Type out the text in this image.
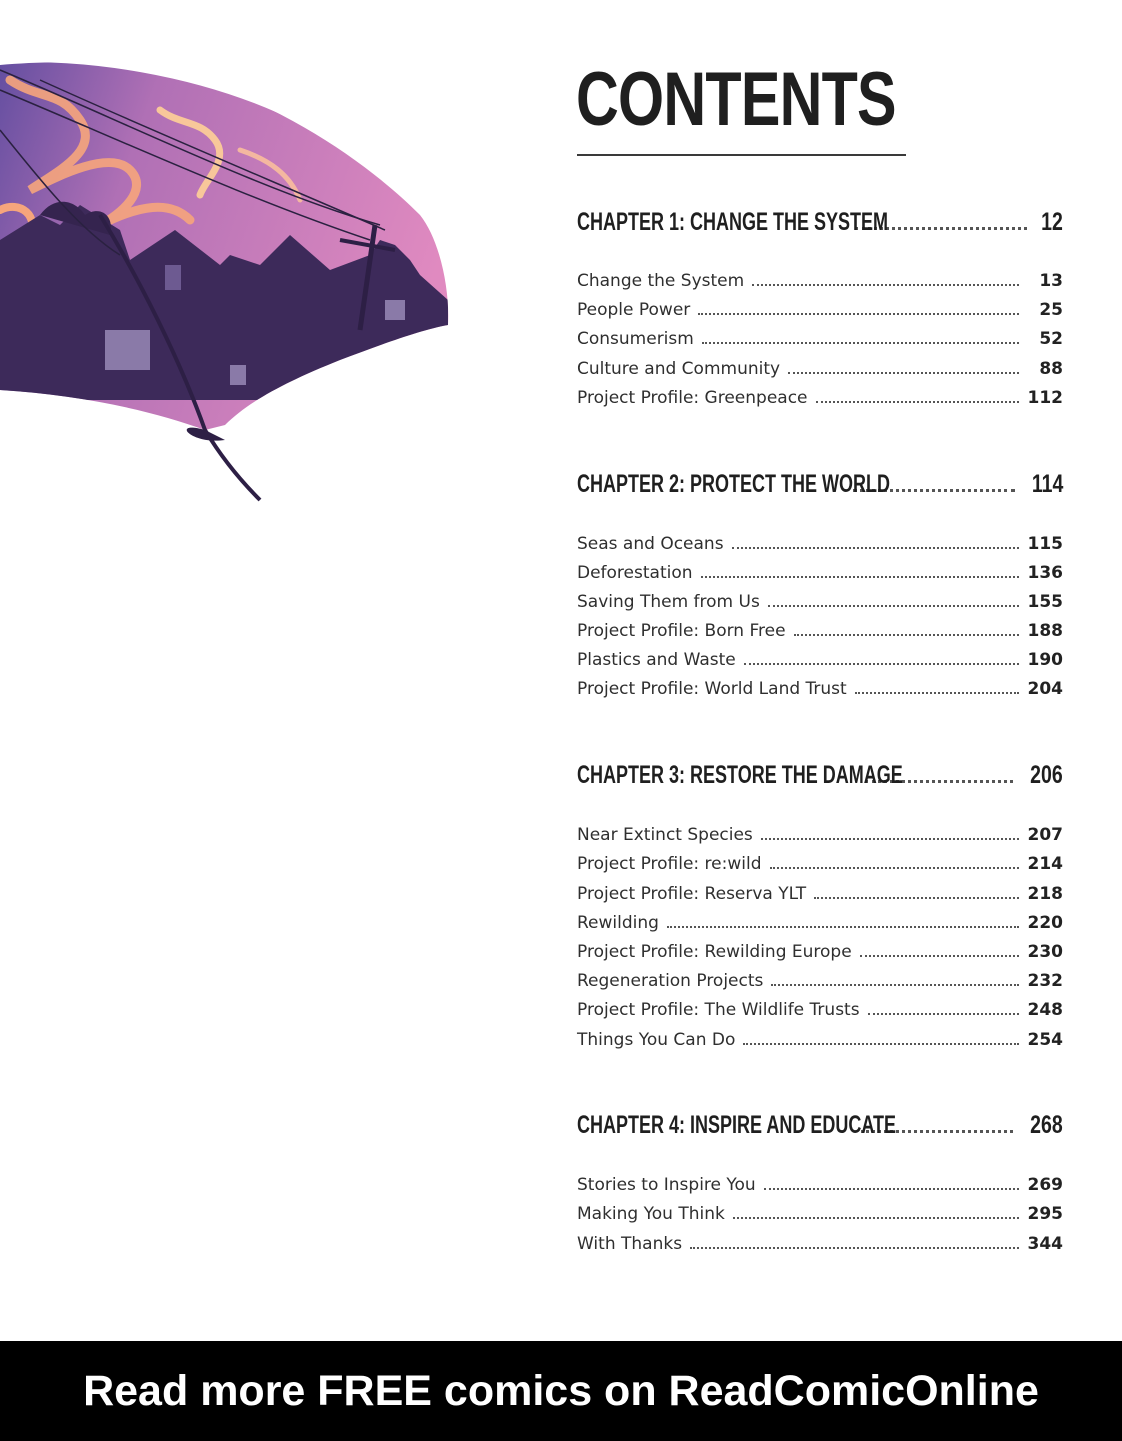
CONTENTS
CHAPTER 1: CHANGE THE SYSTEM	12
Change the System	13
People Power	25
Consumerism	52
Culture and Community	88
Project Profile: Greenpeace	112
CHAPTER 2: PROTECT THE WORLD	114
Seas and Oceans	115
Deforestation	136
Saving Them from Us	155
Project Profile: Born Free	188
Plastics and Waste	190
Project Profile: World Land Trust	204
CHAPTER 3: RESTORE THE DAMAGE	206
Near Extinct Species	207
Project Profile: re:wild	214
Project Profile: Reserva YLT	218
Rewilding	220
Project Profile: Rewilding Europe	230
Regeneration Projects	232
Project Profile: The Wildlife Trusts	248
Things You Can Do	254
CHAPTER 4: INSPIRE AND EDUCATE	268
Stories to Inspire You	269
Making You Think	295
With Thanks	344
Read more FREE comics on ReadComicOnline
